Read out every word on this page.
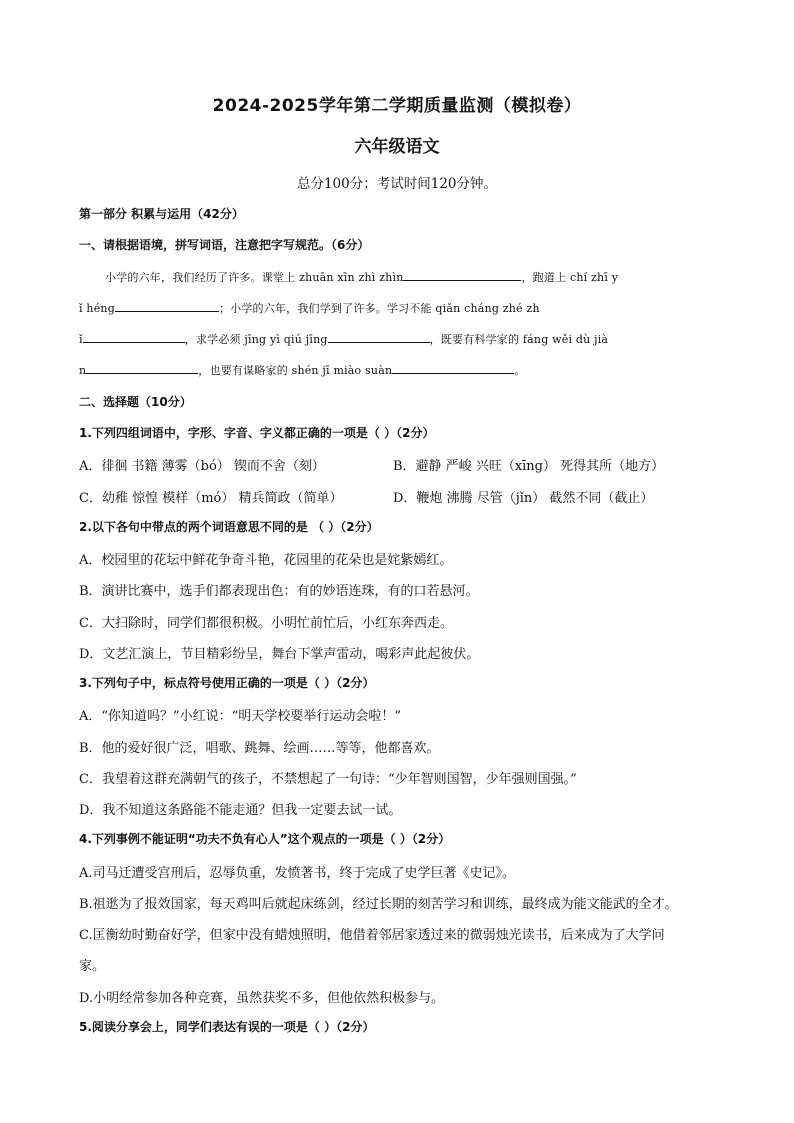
2024-2025学年第二学期质量监测（模拟卷）
六年级语文
总分100分；考试时间120分钟。
第一部分 积累与运用（42分）
一、请根据语境，拼写词语，注意把字写规范。（6分）
小学的六年，我们经历了许多。课堂上 zhuān xīn zhì zhìn	，跑道上 chí zhī y
ǐ héng	；小学的六年，我们学到了许多。学习不能 qiǎn cháng zhé zh
ǐ	，求学必须 jīng yì qiú jīng	，既要有科学家的 fáng wěi dù jià
n	，也要有谋略家的 shén jī miào suàn	。
二、选择题（10分）
1.下列四组词语中，字形、字音、字义都正确的一项是（ ）（2分）
A．徘徊 书籍 薄雾（bó） 锲而不舍（刻）	B．避静 严峻 兴旺（xīng） 死得其所（地方）
C．幼稚 惊惶 模样（mó） 精兵简政（简单）	D．鞭炮 沸腾 尽管（jǐn） 截然不同（截止）
2.以下各句中带点的两个词语意思不同的是 （ ）（2分）
A．校园里的花坛中鲜花争奇斗艳，花园里的花朵也是姹紫嫣红。
B．演讲比赛中，选手们都表现出色：有的妙语连珠，有的口若悬河。
C．大扫除时，同学们都很积极。小明忙前忙后，小红东奔西走。
D．文艺汇演上，节目精彩纷呈，舞台下掌声雷动，喝彩声此起彼伏。
3.下列句子中，标点符号使用正确的一项是（ ）（2分）
A．“你知道吗？”小红说：“明天学校要举行运动会啦！”
B．他的爱好很广泛，唱歌、跳舞、绘画……等等，他都喜欢。
C．我望着这群充满朝气的孩子，不禁想起了一句诗：“少年智则国智，少年强则国强。”
D．我不知道这条路能不能走通？但我一定要去试一试。
4.下列事例不能证明“功夫不负有心人”这个观点的一项是（ ）（2分）
A.司马迁遭受宫刑后，忍辱负重，发愤著书，终于完成了史学巨著《史记》。
B.祖逖为了报效国家，每天鸡叫后就起床练剑，经过长期的刻苦学习和训练，最终成为能文能武的全才。
C.匡衡幼时勤奋好学，但家中没有蜡烛照明，他借着邻居家透过来的微弱烛光读书，后来成为了大学问
家。
D.小明经常参加各种竞赛，虽然获奖不多，但他依然积极参与。
5.阅读分享会上，同学们表达有误的一项是（ ）（2分）
